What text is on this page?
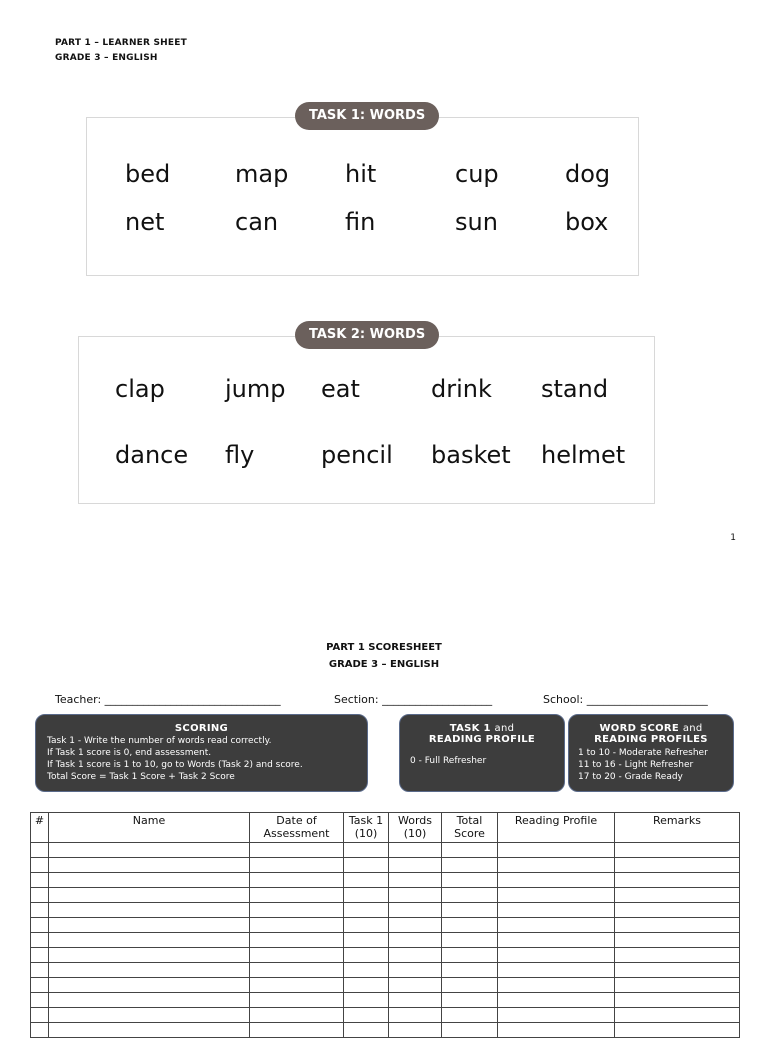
PART 1 – LEARNER SHEET
GRADE 3 – ENGLISH
TASK 1: WORDS
bed	map hit	cup	dog
net	can	fin	sun	box
TASK 2: WORDS
clap	jump eat	drink stand
dance fly	pencil basket helmet
1
PART 1 SCORESHEET
GRADE 3 – ENGLISH
Teacher: ________________________________	Section: ____________________	School: ______________________
SCORING
Task 1 - Write the number of words read correctly.
If Task 1 score is 0, end assessment.
If Task 1 score is 1 to 10, go to Words (Task 2) and score.
Total Score = Task 1 Score + Task 2 Score
TASK 1 and
READING PROFILE
0 - Full Refresher
WORD SCORE and
READING PROFILES
1 to 10 - Moderate Refresher
11 to 16 - Light Refresher
17 to 20 - Grade Ready
#	Name	Date of Assessment	Task 1 (10)	Words (10)	Total Score	Reading Profile	Remarks
